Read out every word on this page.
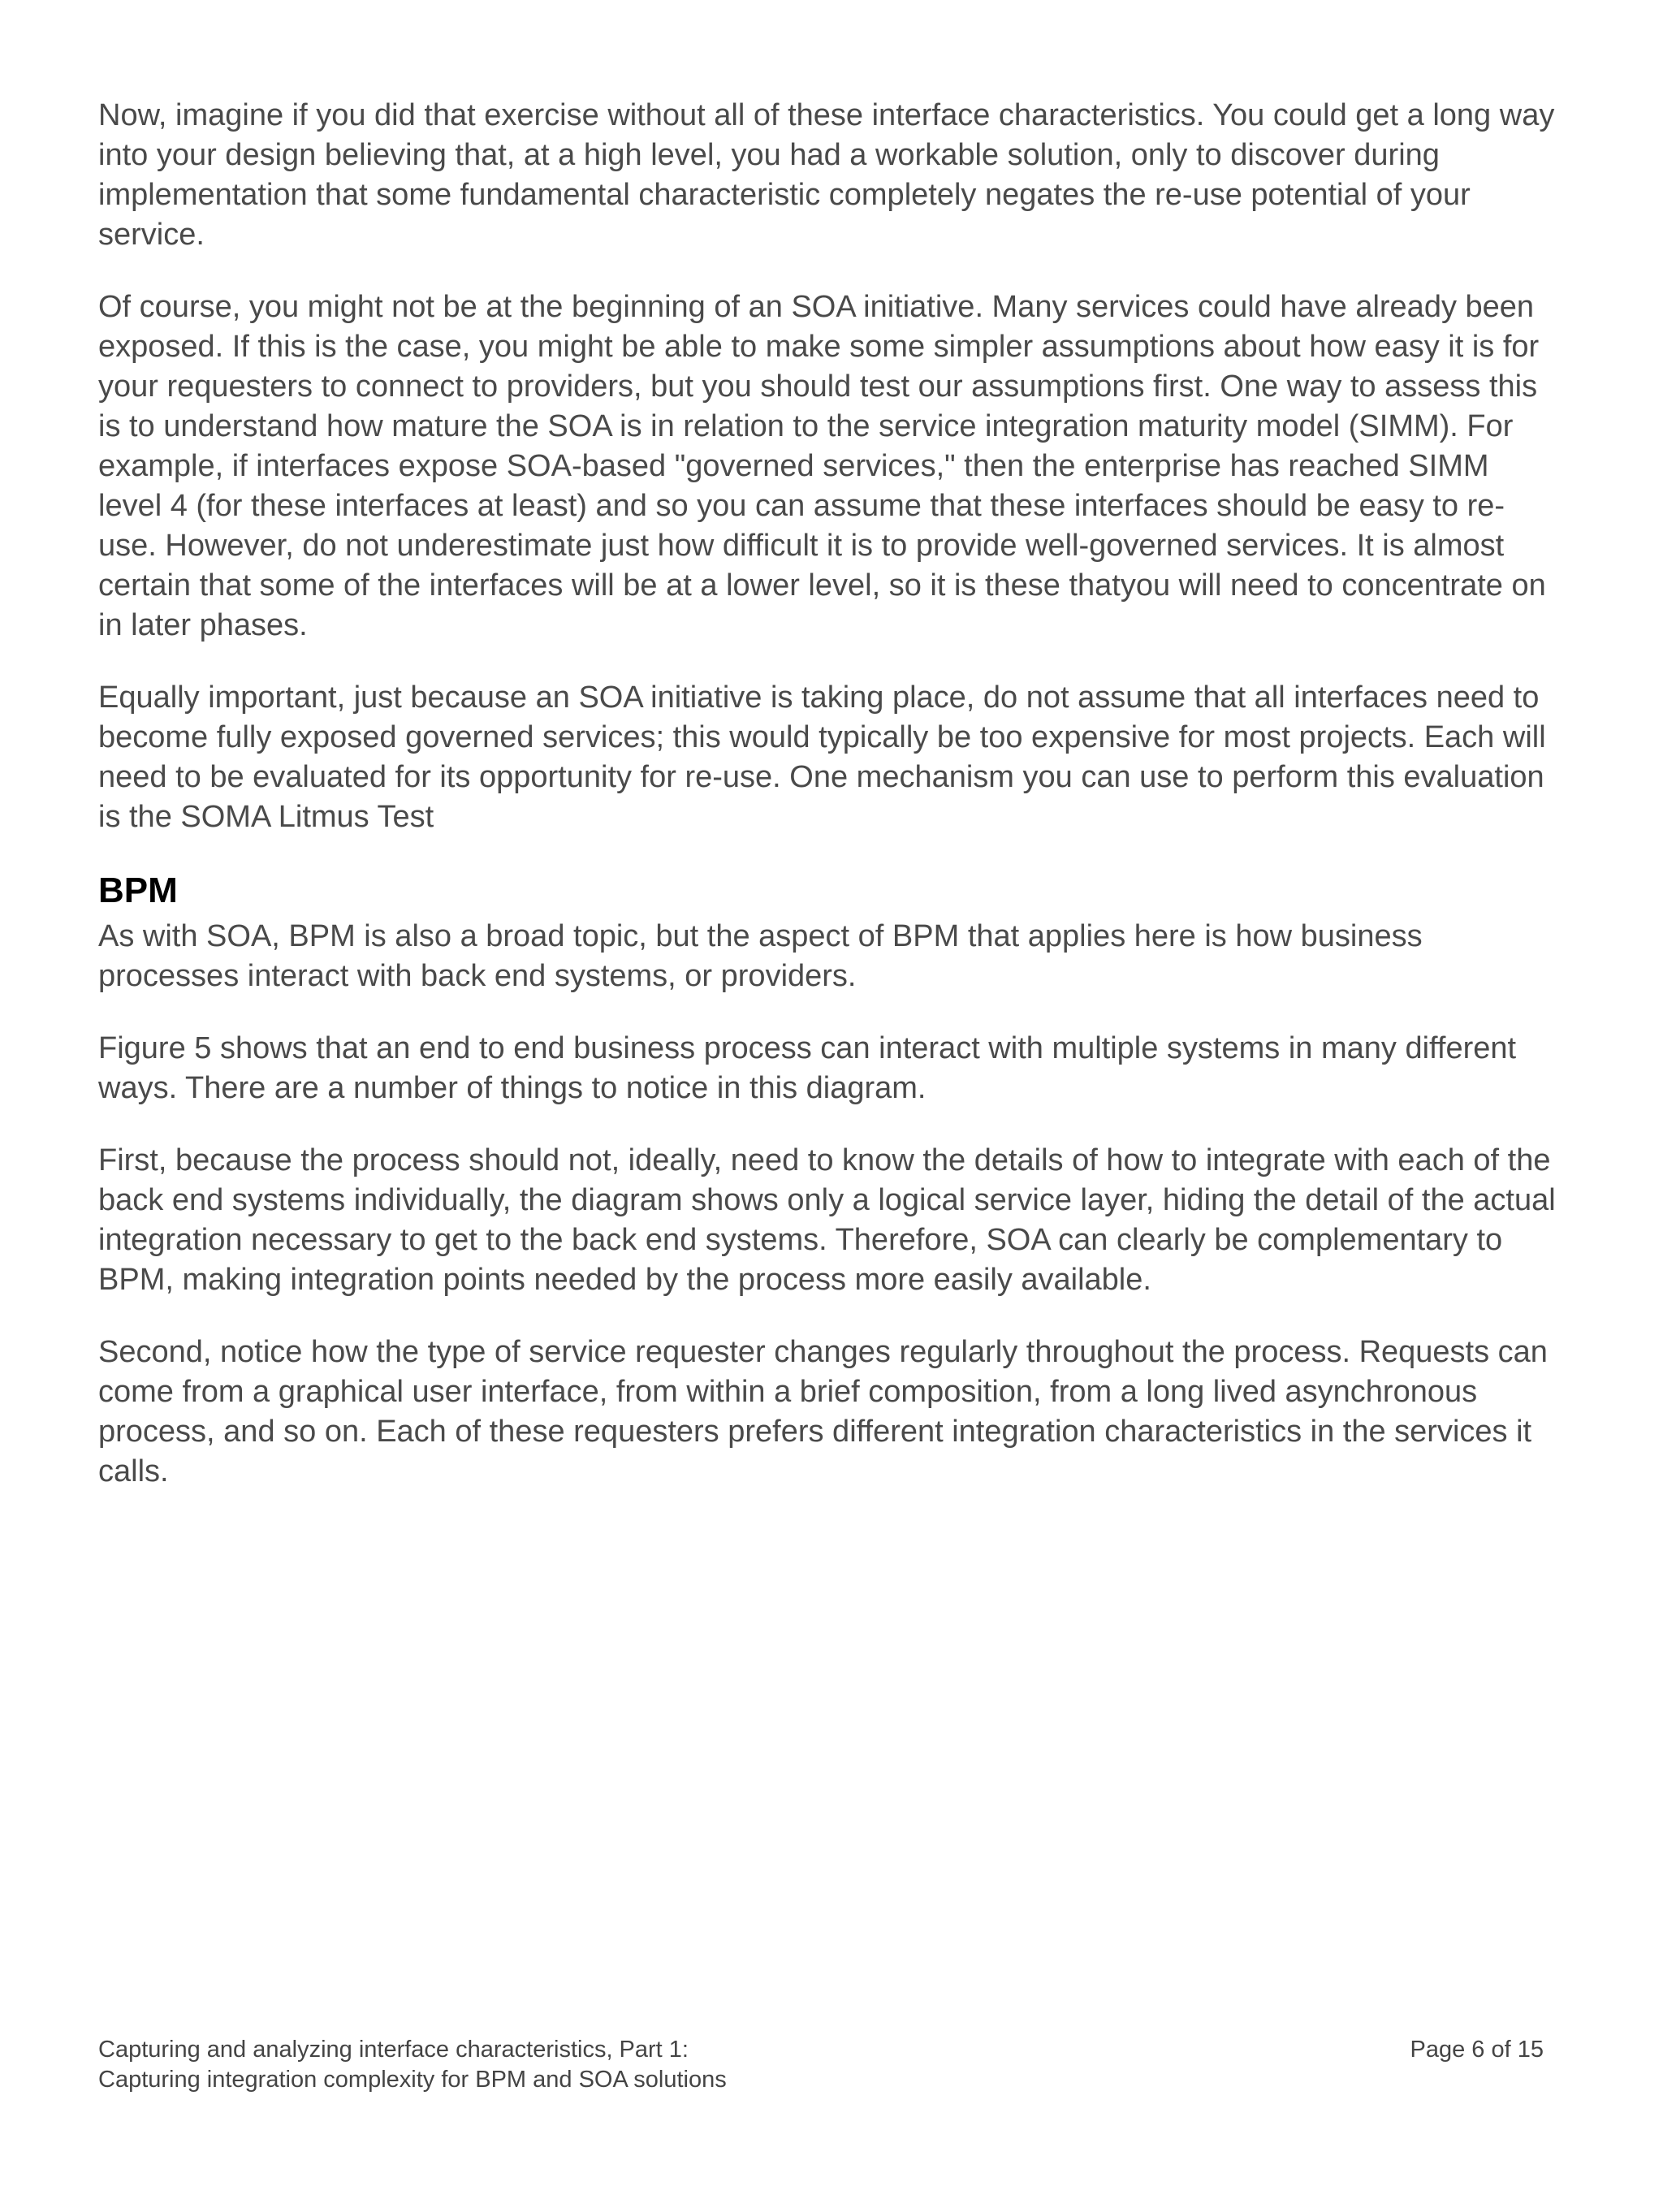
Now, imagine if you did that exercise without all of these interface characteristics. You could get a long way into your design believing that, at a high level, you had a workable solution, only to discover during implementation that some fundamental characteristic completely negates the re-use potential of your service.

Of course, you might not be at the beginning of an SOA initiative. Many services could have already been exposed. If this is the case, you might be able to make some simpler assumptions about how easy it is for your requesters to connect to providers, but you should test our assumptions first. One way to assess this is to understand how mature the SOA is in relation to the service integration maturity model (SIMM). For example, if interfaces expose SOA-based "governed services," then the enterprise has reached SIMM level 4 (for these interfaces at least) and so you can assume that these interfaces should be easy to re-use. However, do not underestimate just how difficult it is to provide well-governed services. It is almost certain that some of the interfaces will be at a lower level, so it is these thatyou will need to concentrate on in later phases.

Equally important, just because an SOA initiative is taking place, do not assume that all interfaces need to become fully exposed governed services; this would typically be too expensive for most projects. Each will need to be evaluated for its opportunity for re-use. One mechanism you can use to perform this evaluation is the SOMA Litmus Test

BPM

As with SOA, BPM is also a broad topic, but the aspect of BPM that applies here is how business processes interact with back end systems, or providers.

Figure 5 shows that an end to end business process can interact with multiple systems in many different ways. There are a number of things to notice in this diagram.

First, because the process should not, ideally, need to know the details of how to integrate with each of the back end systems individually, the diagram shows only a logical service layer, hiding the detail of the actual integration necessary to get to the back end systems. Therefore, SOA can clearly be complementary to BPM, making integration points needed by the process more easily available.

Second, notice how the type of service requester changes regularly throughout the process. Requests can come from a graphical user interface, from within a brief composition, from a long lived asynchronous process, and so on. Each of these requesters prefers different integration characteristics in the services it calls.

Capturing and analyzing interface characteristics, Part 1:
Capturing integration complexity for BPM and SOA solutions
Page 6 of 15
